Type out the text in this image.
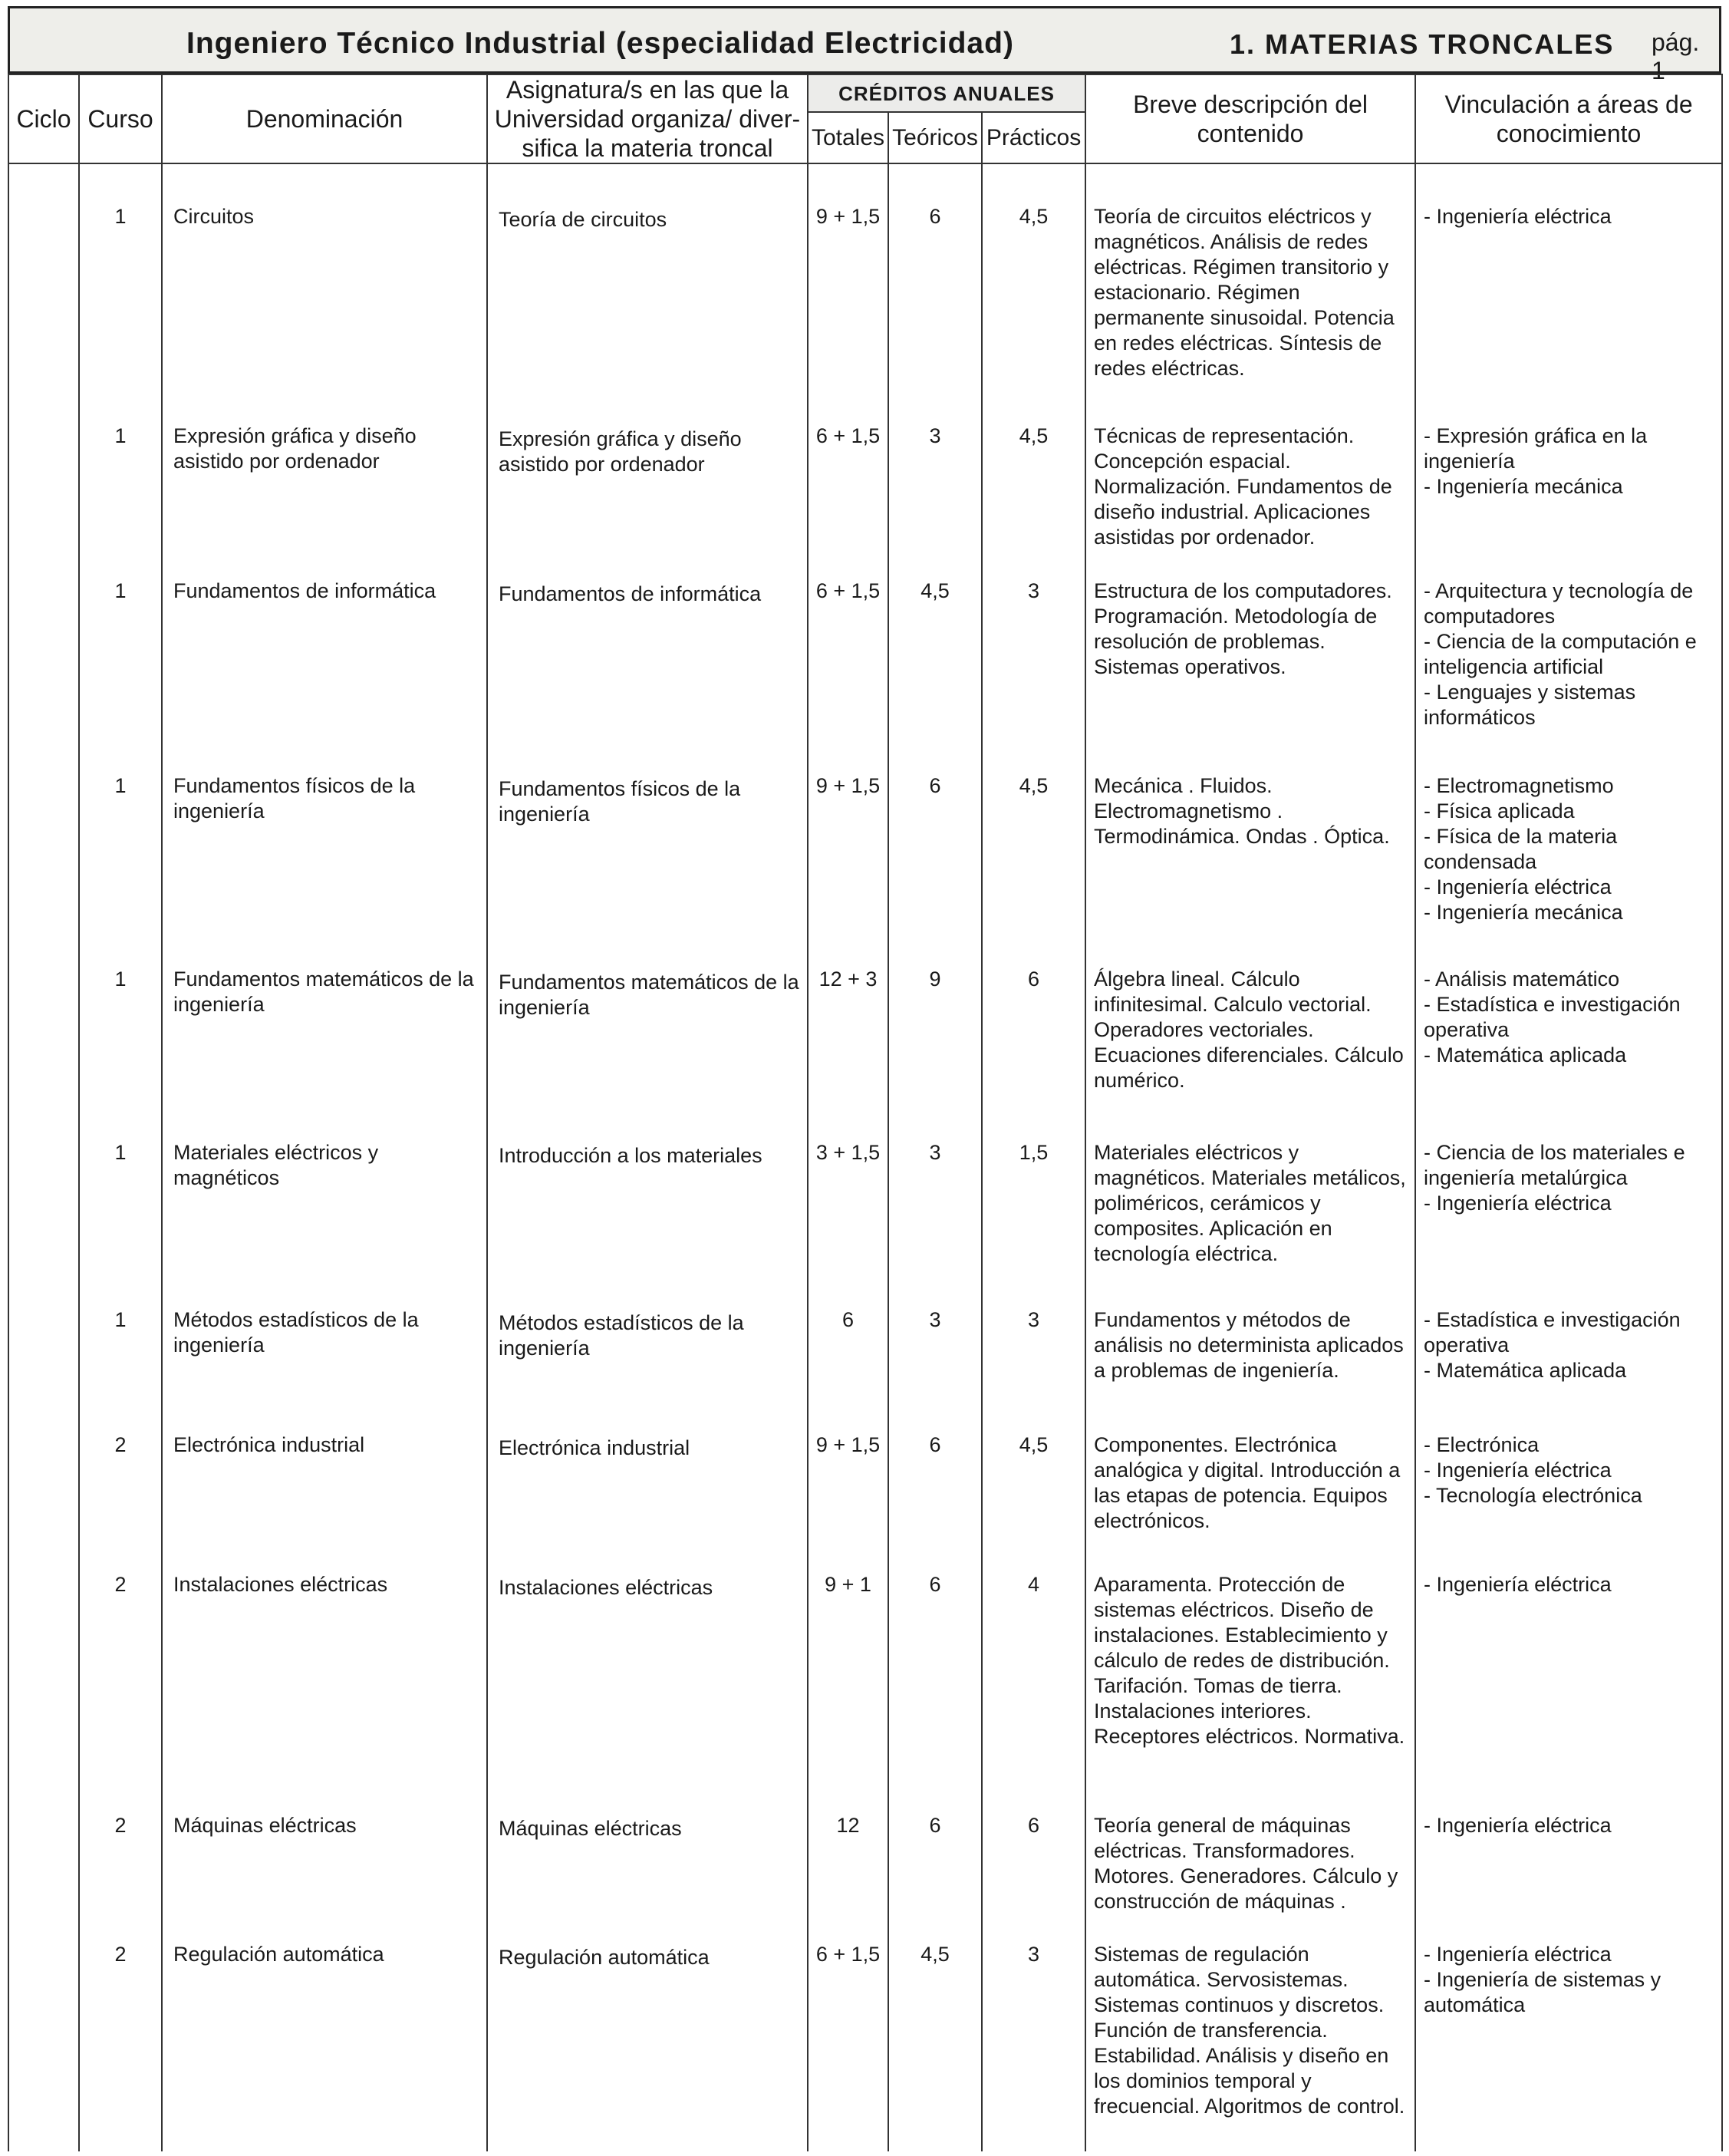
Ingeniero Técnico Industrial (especialidad Electricidad)	1. MATERIAS TRONCALES pág. 1
Ciclo	Curso	Denominación	Asignatura/s en las que la Universidad organiza/ diver-sifica la materia troncal	CRÉDITOS ANUALES			Breve descripción del contenido	Vinculación a áreas de conocimiento
				Totales	Teóricos	Prácticos		

	1	Circuitos	Teoría de circuitos	9 + 1,5	6	4,5	Teoría de circuitos eléctricos y magnéticos. Análisis de redes eléctricas. Régimen transitorio y estacionario. Régimen permanente sinusoidal. Potencia en redes eléctricas. Síntesis de redes eléctricas.	- Ingeniería eléctrica
	1	Expresión gráfica y diseño asistido por ordenador	Expresión gráfica y diseño asistido por ordenador	6 + 1,5	3	4,5	Técnicas de representación. Concepción espacial. Normalización. Fundamentos de diseño industrial. Aplicaciones asistidas por ordenador.	- Expresión gráfica en la ingeniería
- Ingeniería mecánica
	1	Fundamentos de informática	Fundamentos de informática	6 + 1,5	4,5	3	Estructura de los computadores. Programación. Metodología de resolución de problemas. Sistemas operativos.	- Arquitectura y tecnología de computadores
- Ciencia de la computación e inteligencia artificial
- Lenguajes y sistemas informáticos
	1	Fundamentos físicos de la ingeniería	Fundamentos físicos de la ingeniería	9 + 1,5	6	4,5	Mecánica . Fluidos. Electromagnetismo . Termodinámica. Ondas . Óptica.	- Electromagnetismo
- Física aplicada
- Física de la materia condensada
- Ingeniería eléctrica
- Ingeniería mecánica
	1	Fundamentos matemáticos de la ingeniería	Fundamentos matemáticos de la ingeniería	12 + 3	9	6	Álgebra lineal. Cálculo infinitesimal. Calculo vectorial. Operadores vectoriales. Ecuaciones diferenciales. Cálculo numérico.	- Análisis matemático
- Estadística e investigación operativa
- Matemática aplicada
	1	Materiales eléctricos y magnéticos	Introducción a los materiales	3 + 1,5	3	1,5	Materiales eléctricos y magnéticos. Materiales metálicos, poliméricos, cerámicos y composites. Aplicación en tecnología eléctrica.	- Ciencia de los materiales e ingeniería metalúrgica
- Ingeniería eléctrica
	1	Métodos estadísticos de la ingeniería	Métodos estadísticos de la ingeniería	6	3	3	Fundamentos y métodos de análisis no determinista aplicados a problemas de ingeniería.	- Estadística e investigación operativa
- Matemática aplicada
	2	Electrónica industrial	Electrónica industrial	9 + 1,5	6	4,5	Componentes. Electrónica analógica y digital. Introducción a las etapas de potencia. Equipos electrónicos.	- Electrónica
- Ingeniería eléctrica
- Tecnología electrónica
	2	Instalaciones eléctricas	Instalaciones eléctricas	9 + 1	6	4	Aparamenta. Protección de sistemas eléctricos. Diseño de instalaciones. Establecimiento y cálculo de redes de distribución. Tarifación. Tomas de tierra. Instalaciones interiores. Receptores eléctricos. Normativa.	- Ingeniería eléctrica
	2	Máquinas eléctricas	Máquinas eléctricas	12	6	6	Teoría general de máquinas eléctricas. Transformadores. Motores. Generadores. Cálculo y construcción de máquinas .	- Ingeniería eléctrica
	2	Regulación automática	Regulación automática	6 + 1,5	4,5	3	Sistemas de regulación automática. Servosistemas. Sistemas continuos y discretos. Función de transferencia. Estabilidad. Análisis y diseño en los dominios temporal y frecuencial. Algoritmos de control.	- Ingeniería eléctrica
- Ingeniería de sistemas y automática
